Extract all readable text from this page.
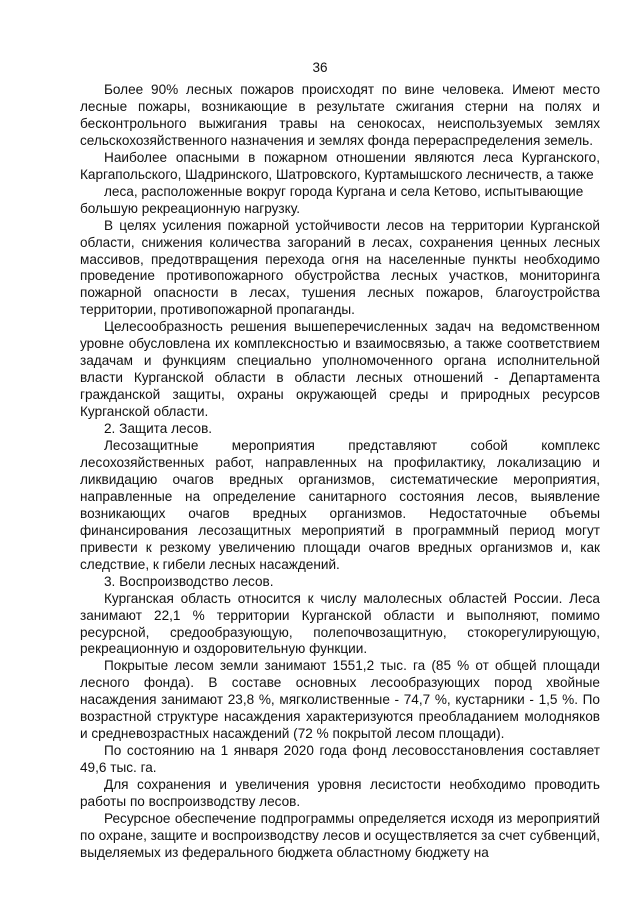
36

Более 90% лесных пожаров происходят по вине человека. Имеют место лесные пожары, возникающие в результате сжигания стерни на полях и бесконтрольного выжигания травы на сенокосах, неиспользуемых землях сельскохозяйственного назначения и землях фонда перераспределения земель.

Наиболее опасными в пожарном отношении являются леса Курганского, Каргапольского, Шадринского, Шатровского, Куртамышского лесничеств, а также

леса, расположенные вокруг города Кургана и села Кетово, испытывающие

большую рекреационную нагрузку.

В целях усиления пожарной устойчивости лесов на территории Курганской области, снижения количества загораний в лесах, сохранения ценных лесных массивов, предотвращения перехода огня на населенные пункты необходимо проведение противопожарного обустройства лесных участков, мониторинга пожарной опасности в лесах, тушения лесных пожаров, благоустройства территории, противопожарной пропаганды.

Целесообразность решения вышеперечисленных задач на ведомственном уровне обусловлена их комплексностью и взаимосвязью, а также соответствием задачам и функциям специально уполномоченного органа исполнительной власти Курганской области в области лесных отношений - Департамента гражданской защиты, охраны окружающей среды и природных ресурсов Курганской области.

2. Защита лесов.

Лесозащитные мероприятия представляют собой комплекс лесохозяйственных работ, направленных на профилактику, локализацию и ликвидацию очагов вредных организмов, систематические мероприятия, направленные на определение санитарного состояния лесов, выявление возникающих очагов вредных организмов. Недостаточные объемы финансирования лесозащитных мероприятий в программный период могут привести к резкому увеличению площади очагов вредных организмов и, как следствие, к гибели лесных насаждений.

3. Воспроизводство лесов.

Курганская область относится к числу малолесных областей России. Леса занимают 22,1 % территории Курганской области и выполняют, помимо ресурсной, средообразующую, полепочвозащитную, стокорегулирующую, рекреационную и оздоровительную функции.

Покрытые лесом земли занимают 1551,2 тыс. га (85 % от общей площади лесного фонда). В составе основных лесообразующих пород хвойные насаждения занимают 23,8 %, мягколиственные - 74,7 %, кустарники - 1,5 %. По возрастной структуре насаждения характеризуются преобладанием молодняков и средневозрастных насаждений (72 % покрытой лесом площади).

По состоянию на 1 января 2020 года фонд лесовосстановления составляет 49,6 тыс. га.

Для сохранения и увеличения уровня лесистости необходимо проводить работы по воспроизводству лесов.

Ресурсное обеспечение подпрограммы определяется исходя из мероприятий по охране, защите и воспроизводству лесов и осуществляется за счет субвенций, выделяемых из федерального бюджета областному бюджету на
